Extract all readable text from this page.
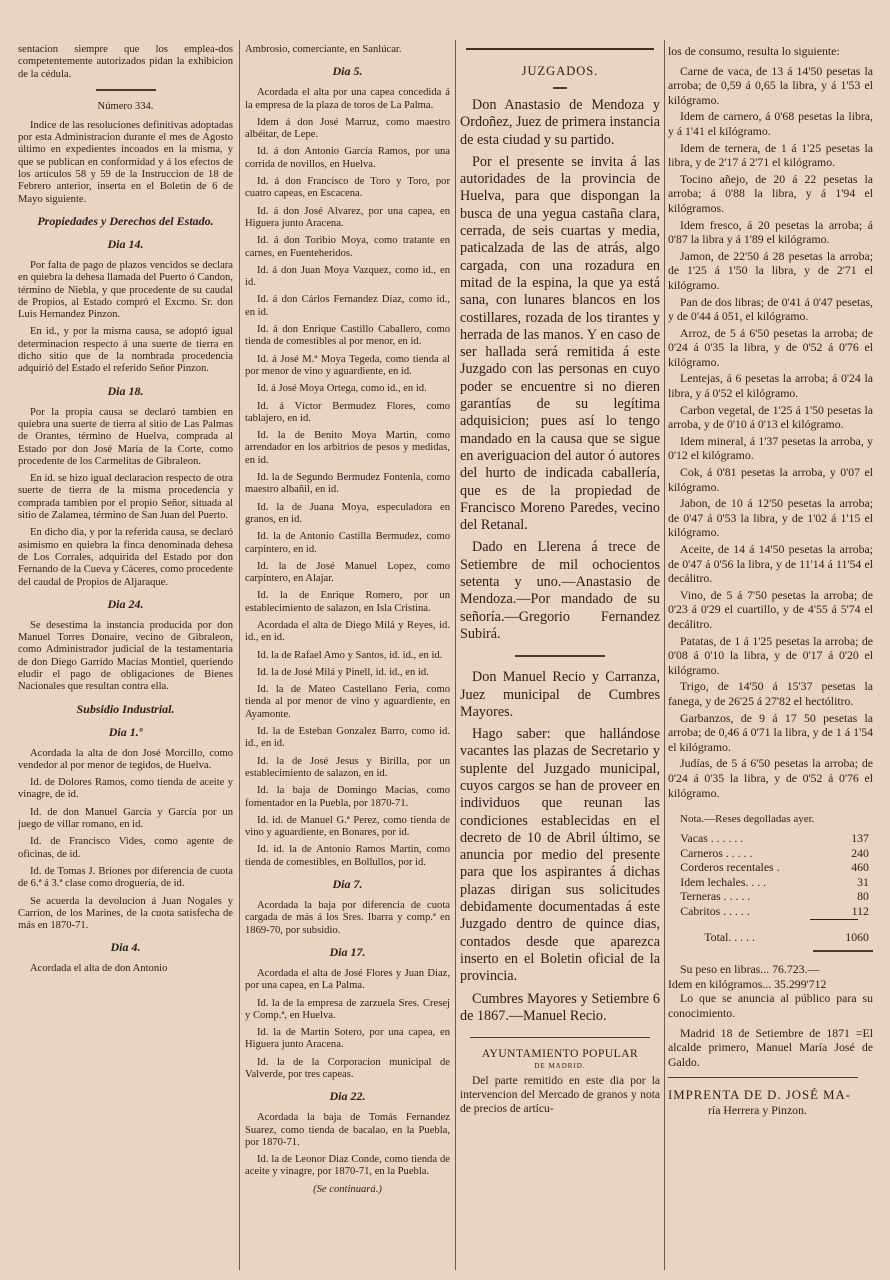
sentacion siempre que los emplea-dos competentemente autorizados pidan la exhibicion de la cédula.

Número 334.

Indice de las resoluciones definitivas adoptadas por esta Administracion durante el mes de Agosto último en expedientes incoados en la misma, y que se publican en conformidad y á los efectos de los artículos 58 y 59 de la Instruccion de 18 de Febrero anterior, inserta en el Boletin de 6 de Mayo siguiente.

Propiedades y Derechos del Estado.
Dia 14.

Por falta de pago de plazos vencidos se declara en quiebra la dehesa llamada del Puerto ó Candon, término de Niebla, y que procedente de su caudal de Propios, al Estado compró el Excmo. Sr. don Luis Hernandez Pinzon.

En id., y por la misma causa, se adoptó igual determinacion respecto á una suerte de tierra en dicho sitio que de la nombrada procedencia adquirió del Estado el referido Señor Pinzon.

Dia 18.

Por la propia causa se declaró tambien en quiebra una suerte de tierra al sitio de Las Palmas de Orantes, término de Huelva, comprada al Estado por don José María de la Corte, como procedente de los Carmelitas de Gibraleon.

En id. se hizo igual declaracion respecto de otra suerte de tierra de la misma procedencia y comprada tambien por el propio Señor, situada al sitio de Zalamea, término de San Juan del Puerto.

En dicho dia, y por la referida causa, se declaró asimismo en quiebra la finca denominada dehesa de Los Corrales, adquirida del Estado por don Fernando de la Cueva y Cáceres, como procedente del caudal de Propios de Aljaraque.

Dia 24.

Se desestima la instancia producida por don Manuel Torres Donaire, vecino de Gibraleon, como Administrador judicial de la testamentaria de don Diego Garrido Macías Montiel, queriendo eludir el pago de obligaciones de Bienes Nacionales que resultan contra ella.

Subsidio Industrial.
Dia 1.º

Acordada la alta de don José Morcillo, como vendedor al por menor de tegidos, de Huelva.

Id. de Dolores Ramos, como tienda de aceite y vinagre, de id.

Id. de don Manuel García y García por un juego de villar romano, en id.

Id. de Francisco Vides, como agente de oficinas, de id.

Id. de Tomas J. Briones por diferencia de cuota de 6.ª á 3.ª clase como droguería, de id.

Se acuerda la devolucion á Juan Nogales y Carrion, de los Marines, de la cuota satisfecha de más en 1870-71.

Dia 4.

Acordada el alta de don Antonio

Ambrosio, comerciante, en Sanlúcar.

Dia 5.

Acordada el alta por una capea concedida á la empresa de la plaza de toros de La Palma.

Idem á don José Marruz, como maestro albéitar, de Lepe.

Id. á don Antonio García Ramos, por una corrida de novillos, en Huelva.

Id. á don Francisco de Toro y Toro, por cuatro capeas, en Escacena.

Id. á don José Alvarez, por una capea, en Higuera junto Aracena.

Id. á don Toribio Moya, como tratante en carnes, en Fuenteheridos.

Id. á don Juan Moya Vazquez, como id., en id.

Id. á don Cárlos Fernandez Diaz, como id., en id.

Id. á don Enrique Castillo Caballero, como tienda de comestibles al por menor, en id.

Id. á José M.ª Moya Tegeda, como tienda al por menor de vino y aguardiente, en id.

Id. á José Moya Ortega, como id., en id.

Id. á Víctor Bermudez Flores, como tablajero, en id.

Id. la de Benito Moya Martin, como arrendador en los arbitrios de pesos y medidas, en id.

Id. la de Segundo Bermudez Fontenla, como maestro albañil, en id.

Id. la de Juana Moya, especuladora en granos, en id.

Id. la de Antonio Castilla Bermudez, como carpintero, en id.

Id. la de José Manuel Lopez, como carpintero, en Alajar.

Id. la de Enrique Romero, por un establecimiento de salazon, en Isla Cristina.

Acordada el alta de Diego Milá y Reyes, id. id., en id.

Id. la de Rafael Amo y Santos, id. id., en id.

Id. la de José Milá y Pinell, id. id., en id.

Id. la de Mateo Castellano Feria, como tienda al por menor de vino y aguardiente, en Ayamonte.

Id. la de Esteban Gonzalez Barro, como id. id., en id.

Id. la de José Jesus y Birilla, por un establecimiento de salazon, en id.

Id. la baja de Domingo Macías, como fomentador en la Puebla, por 1870-71.

Id. id. de Manuel G.ª Perez, como tienda de vino y aguardiente, en Bonares, por id.

Id. id. la de Antonio Ramos Martin, como tienda de comestibles, en Bollullos, por id.

Dia 7.

Acordada la baja por diferencia de cuota cargada de más á los Sres. Ibarra y comp.ª en 1869-70, por subsidio.

Dia 17.

Acordada el alta de José Flores y Juan Diaz, por una capea, en La Palma.

Id. la de la empresa de zarzuela Sres. Cresej y Comp.ª, en Huelva.

Id. la de Martin Sotero, por una capea, en Higuera junto Aracena.

Id. la de la Corporacion municipal de Valverde, por tres capeas.

Dia 22.

Acordada la baja de Tomás Fernandez Suarez, como tienda de bacalao, en la Puebla, por 1870-71.

Id. la de Leonor Diaz Conde, como tienda de aceite y vinagre, por 1870-71, en la Puebla.

(Se continuará.)
JUZGADOS.

Don Anastasio de Mendoza y Ordoñez, Juez de primera instancia de esta ciudad y su partido.

Por el presente se invita á las autoridades de la provincia de Huelva, para que dispongan la busca de una yegua castaña clara, cerrada, de seis cuartas y media, paticalzada de las de atrás, algo cargada, con una rozadura en mitad de la espina, la que ya está sana, con lunares blancos en los costillares, rozada de los tirantes y herrada de las manos. Y en caso de ser hallada será remitida á este Juzgado con las personas en cuyo poder se encuentre si no dieren garantías de su legítima adquisicion; pues así lo tengo mandado en la causa que se sigue en averiguacion del autor ó autores del hurto de indicada caballería, que es de la propiedad de Francisco Moreno Paredes, vecino del Retanal.

Dado en Llerena á trece de Setiembre de mil ochocientos setenta y uno.—Anastasio de Mendoza.—Por mandado de su señoría.—Gregorio Fernandez Subirá.

Don Manuel Recio y Carranza, Juez municipal de Cumbres Mayores.

Hago saber: que hallándose vacantes las plazas de Secretario y suplente del Juzgado municipal, cuyos cargos se han de proveer en individuos que reunan las condiciones establecidas en el decreto de 10 de Abril último, se anuncia por medio del presente para que los aspirantes á dichas plazas dirigan sus solicitudes debidamente documentadas á este Juzgado dentro de quince dias, contados desde que aparezca inserto en el Boletin oficial de la provincia.

Cumbres Mayores y Setiembre 6 de 1867.—Manuel Recio.

AYUNTAMIENTO POPULAR
DE MADRID.

Del parte remitido en este dia por la intervencion del Mercado de granos y nota de precios de artícu-

los de consumo, resulta lo siguiente:

Carne de vaca, de 13 á 14'50 pesetas la arroba; de 0,59 á 0,65 la libra, y á 1'53 el kilógramo.

Idem de carnero, á 0'68 pesetas la libra, y á 1'41 el kilógramo.

Idem de ternera, de 1 á 1'25 pesetas la libra, y de 2'17 á 2'71 el kilógramo.

Tocino añejo, de 20 á 22 pesetas la arroba; á 0'88 la libra, y á 1'94 el kilógramos.

Idem fresco, á 20 pesetas la arroba; á 0'87 la libra y á 1'89 el kilógramo.

Jamon, de 22'50 á 28 pesetas la arroba; de 1'25 á 1'50 la libra, y de 2'71 el kilógramo.

Pan de dos libras; de 0'41 á 0'47 pesetas, y de 0'44 á 051, el kilógramo.

Arroz, de 5 á 6'50 pesetas la arroba; de 0'24 á 0'35 la libra, y de 0'52 á 0'76 el kilógramo.

Lentejas, á 6 pesetas la arroba; á 0'24 la libra, y á 0'52 el kilógramo.

Carbon vegetal, de 1'25 á 1'50 pesetas la arroba, y de 0'10 á 0'13 el kilógramo.

Idem mineral, á 1'37 pesetas la arroba, y 0'12 el kilógramo.

Cok, á 0'81 pesetas la arroba, y 0'07 el kilógramo.

Jabon, de 10 á 12'50 pesetas la arroba; de 0'47 á 0'53 la libra, y de 1'02 á 1'15 el kilógramo.

Aceite, de 14 á 14'50 pesetas la arroba; de 0'47 á 0'56 la libra, y de 11'14 á 11'54 el decálitro.

Vino, de 5 á 7'50 pesetas la arroba; de 0'23 á 0'29 el cuartillo, y de 4'55 á 5'74 el decálitro.

Patatas, de 1 á 1'25 pesetas la arroba; de 0'08 á 0'10 la libra, y de 0'17 á 0'20 el kilógramo.

Trigo, de 14'50 á 15'37 pesetas la fanega, y de 26'25 á 27'82 el hectólitro.

Garbanzos, de 9 á 17 50 pesetas la arroba; de 0,46 á 0'71 la libra, y de 1 á 1'54 el kilógramo.

Judías, de 5 á 6'50 pesetas la arroba; de 0'24 á 0'35 la libra, y de 0'52 á 0'76 el kilógramo.

Nota.—Reses degolladas ayer.

Vacas . . . . . .	137
Carneros . . . . .	240
Corderos recentales .	460
Idem lechales. . . .	31
Terneras . . . . .	80
Cabritos . . . . .	112

Total. . . . .	1060

Su peso en libras... 76.723.—

Idem en kilógramos... 35.299'712

Lo que se anuncia al público para su conocimiento.

Madrid 18 de Setiembre de 1871 =El alcalde primero, Manuel María José de Galdo.

IMPRENTA DE D. JOSÉ MA-
ría Herrera y Pinzon.
